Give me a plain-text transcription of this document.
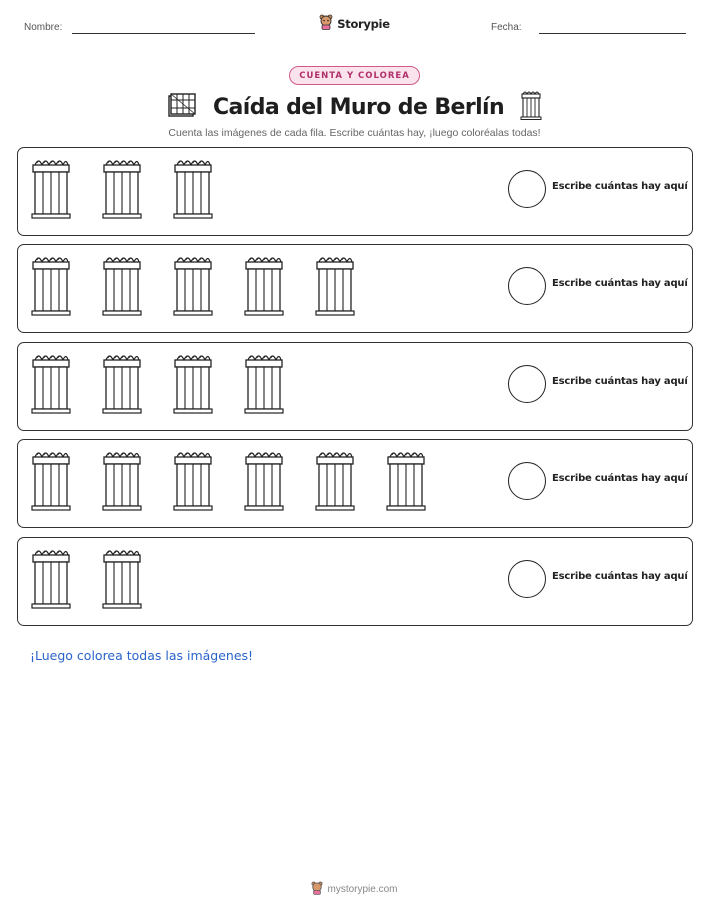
Nombre:	Storypie	Fecha:
CUENTA Y COLOREA
Caída del Muro de Berlín
Cuenta las imágenes de cada fila. Escribe cuántas hay, ¡luego coloréalas todas!
Escribe cuántas hay aquí
Escribe cuántas hay aquí
Escribe cuántas hay aquí
Escribe cuántas hay aquí
Escribe cuántas hay aquí
¡Luego colorea todas las imágenes!
mystorypie.com
